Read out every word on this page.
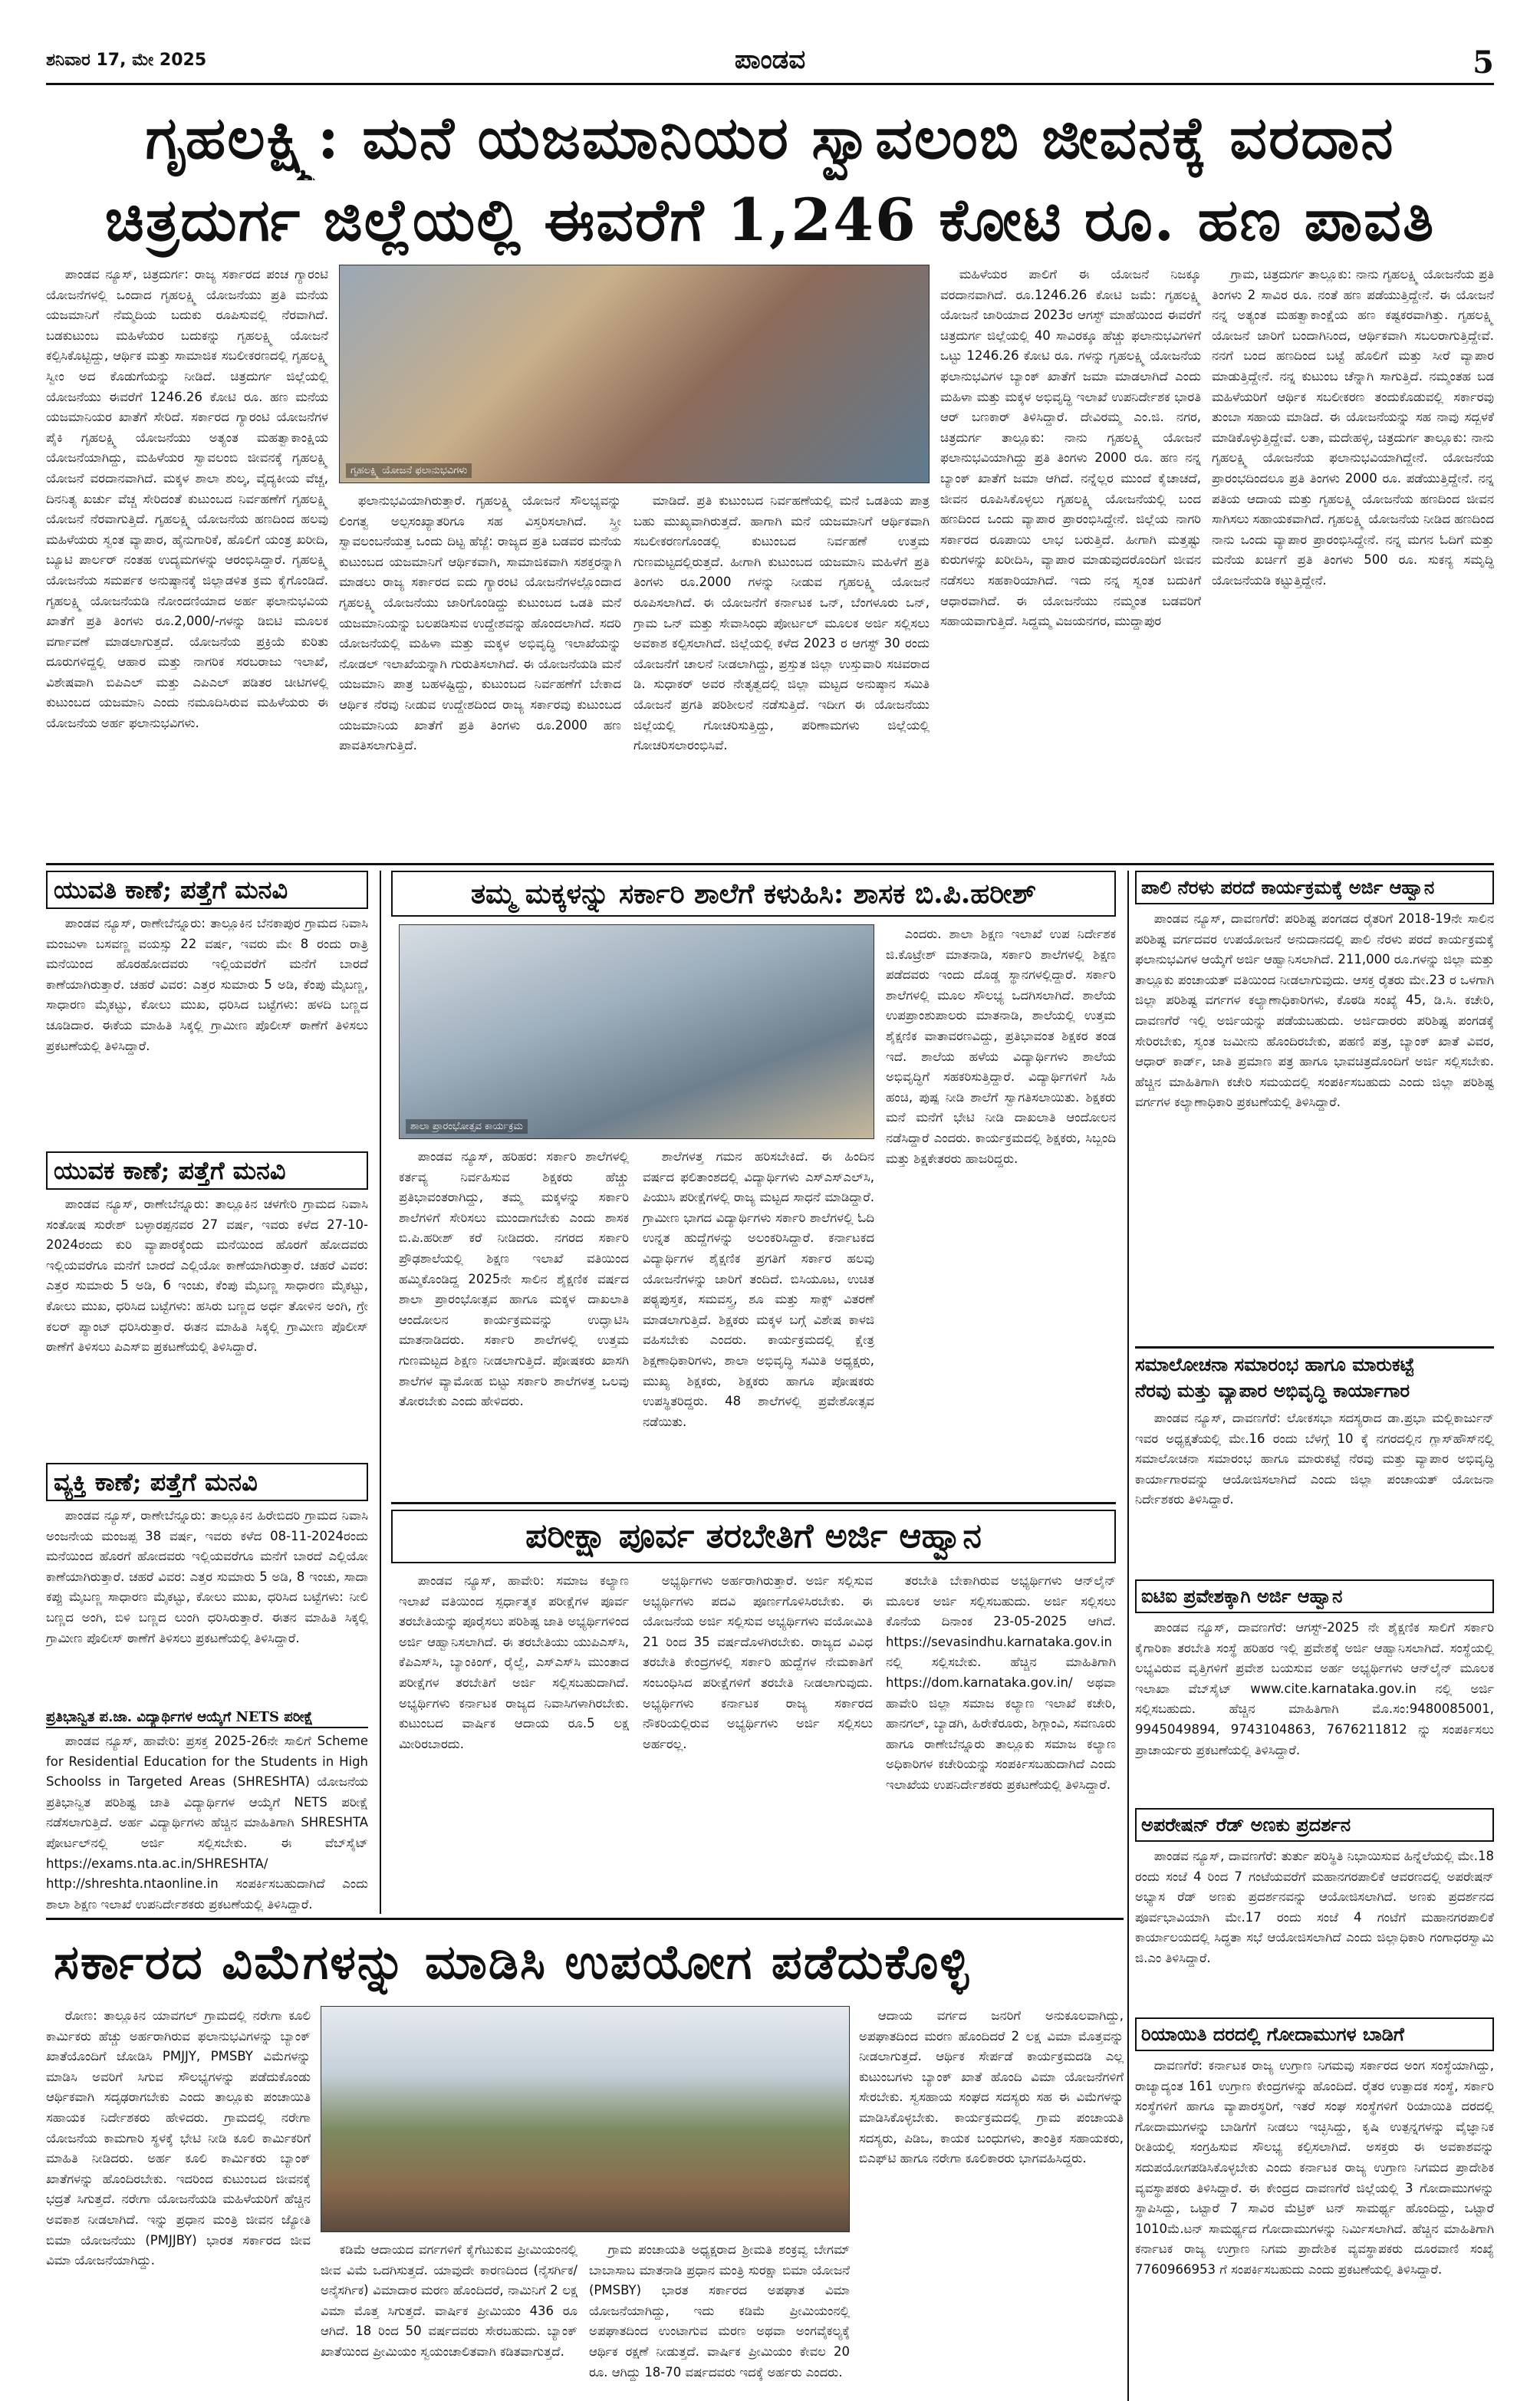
ಶನಿವಾರ 17, ಮೇ 2025	ಪಾಂಡವ	5
ಗೃಹಲಕ್ಷ್ಮಿ: ಮನೆ ಯಜಮಾನಿಯರ ಸ್ವಾವಲಂಬಿ ಜೀವನಕ್ಕೆ ವರದಾನ
ಚಿತ್ರದುರ್ಗ ಜಿಲ್ಲೆಯಲ್ಲಿ ಈವರೆಗೆ 1,246 ಕೋಟಿ ರೂ. ಹಣ ಪಾವತಿ

ಪಾಂಡವ ನ್ಯೂಸ್, ಚಿತ್ರದುರ್ಗ: ರಾಜ್ಯ ಸರ್ಕಾರದ ಪಂಚ ಗ್ಯಾರಂಟಿ ಯೋಜನೆಗಳಲ್ಲಿ ಒಂದಾದ ಗೃಹಲಕ್ಷ್ಮಿ ಯೋಜನೆಯು ಪ್ರತಿ ಮನೆಯ ಯಜಮಾನಿಗೆ ನೆಮ್ಮದಿಯ ಬದುಕು ರೂಪಿಸುವಲ್ಲಿ ನೆರವಾಗಿದೆ. ಬಡಕುಟುಂಬ ಮಹಿಳೆಯರ ಬದುಕನ್ನು ಗೃಹಲಕ್ಷ್ಮಿ ಯೋಜನೆ ಕಲ್ಪಿಸಿಕೊಟ್ಟಿದ್ದು, ಆರ್ಥಿಕ ಮತ್ತು ಸಾಮಾಜಿಕ ಸಬಲೀಕರಣದಲ್ಲಿ ಗೃಹಲಕ್ಷ್ಮಿ ಸ್ವೀಂ ಅದ ಕೊಡುಗೆಯನ್ನು ನೀಡಿದೆ. ಚಿತ್ರದುರ್ಗ ಜಿಲ್ಲೆಯಲ್ಲಿ ಯೋಜನೆಯು ಈವರೆಗೆ 1246.26 ಕೋಟಿ ರೂ. ಹಣ ಮನೆಯ ಯಜಮಾನಿಯರ ಖಾತೆಗೆ ಸೇರಿದೆ. ಸರ್ಕಾರದ ಗ್ಯಾರಂಟಿ ಯೋಜನೆಗಳ ಪೈಕಿ ಗೃಹಲಕ್ಷ್ಮಿ ಯೋಜನೆಯು ಅತ್ಯಂತ ಮಹತ್ವಾಕಾಂಕ್ಷಿಯ ಯೋಜನೆಯಾಗಿದ್ದು, ಮಹಿಳೆಯರ ಸ್ವಾವಲಂಬಿ ಜೀವನಕ್ಕೆ ಗೃಹಲಕ್ಷ್ಮಿ ಯೋಜನೆ ವರದಾನವಾಗಿದೆ. ಮಕ್ಕಳ ಶಾಲಾ ಶುಲ್ಕ, ವೈದ್ಯಕೀಯ ವೆಚ್ಚ, ದಿನನಿತ್ಯ ಖರ್ಚು ವೆಚ್ಚ ಸೇರಿದಂತೆ ಕುಟುಂಬದ ನಿರ್ವಹಣೆಗೆ ಗೃಹಲಕ್ಷ್ಮಿ ಯೋಜನೆ ನೆರವಾಗುತ್ತಿದೆ. ಗೃಹಲಕ್ಷ್ಮಿ ಯೋಜನೆಯ ಹಣದಿಂದ ಹಲವು ಮಹಿಳೆಯರು ಸ್ವಂತ ವ್ಯಾಪಾರ, ಹೈನುಗಾರಿಕೆ, ಹೊಲಿಗೆ ಯಂತ್ರ ಖರೀದಿ, ಬ್ಯೂಟಿ ಪಾರ್ಲರ್ ನಂತಹ ಉದ್ಯಮಗಳನ್ನು ಆರಂಭಿಸಿದ್ದಾರೆ. ಗೃಹಲಕ್ಷ್ಮಿ ಯೋಜನೆಯ ಸಮರ್ಪಕ ಅನುಷ್ಠಾನಕ್ಕೆ ಜಿಲ್ಲಾಡಳಿತ ಕ್ರಮ ಕೈಗೊಂಡಿದೆ. ಗೃಹಲಕ್ಷ್ಮಿ ಯೋಜನೆಯಡಿ ನೋಂದಣಿಯಾದ ಅರ್ಹ ಫಲಾನುಭವಿಯ ಖಾತೆಗೆ ಪ್ರತಿ ತಿಂಗಳು ರೂ.2,000/-ಗಳನ್ನು ಡಿಬಿಟಿ ಮೂಲಕ ವರ್ಗಾವಣೆ ಮಾಡಲಾಗುತ್ತದೆ. ಯೋಜನೆಯ ಪ್ರಕ್ರಿಯೆ ಕುರಿತು ದೂರುಗಳಿದ್ದಲ್ಲಿ ಆಹಾರ ಮತ್ತು ನಾಗರಿಕ ಸರಬರಾಜು ಇಲಾಖೆ, ವಿಶೇಷವಾಗಿ ಬಿಪಿಎಲ್ ಮತ್ತು ಎಪಿಎಲ್ ಪಡಿತರ ಚೀಟಿಗಳಲ್ಲಿ ಕುಟುಂಬದ ಯಜಮಾನಿ ಎಂದು ನಮೂದಿಸಿರುವ ಮಹಿಳೆಯರು ಈ ಯೋಜನೆಯ ಅರ್ಹ ಫಲಾನುಭವಿಗಳು.

ಗೃಹಲಕ್ಷ್ಮಿ ಯೋಜನೆ ಫಲಾನುಭವಿಗಳು

ಫಲಾನುಭವಿಯಾಗಿರುತ್ತಾರೆ. ಗೃಹಲಕ್ಷ್ಮಿ ಯೋಜನೆ ಸೌಲಭ್ಯವನ್ನು ಲಿಂಗತ್ವ ಅಲ್ಪಸಂಖ್ಯಾತರಿಗೂ ಸಹ ವಿಸ್ತರಿಸಲಾಗಿದೆ. ಸ್ತ್ರೀ ಸ್ವಾವಲಂಬನೆಯತ್ತ ಒಂದು ದಿಟ್ಟ ಹೆಜ್ಜೆ: ರಾಜ್ಯದ ಪ್ರತಿ ಬಡವರ ಮನೆಯ ಕುಟುಂಬದ ಯಜಮಾನಿಗೆ ಆರ್ಥಿಕವಾಗಿ, ಸಾಮಾಜಿಕವಾಗಿ ಸಶಕ್ತರನ್ನಾಗಿ ಮಾಡಲು ರಾಜ್ಯ ಸರ್ಕಾರದ ಐದು ಗ್ಯಾರಂಟಿ ಯೋಜನೆಗಳಲ್ಲೊಂದಾದ ಗೃಹಲಕ್ಷ್ಮಿ ಯೋಜನೆಯು ಜಾರಿಗೊಂಡಿದ್ದು ಕುಟುಂಬದ ಒಡತಿ ಮನೆ ಯಜಮಾನಿಯನ್ನು ಬಲಪಡಿಸುವ ಉದ್ದೇಶವನ್ನು ಹೊಂದಲಾಗಿದೆ. ಸದರಿ ಯೋಜನೆಯಲ್ಲಿ ಮಹಿಳಾ ಮತ್ತು ಮಕ್ಕಳ ಅಭಿವೃದ್ಧಿ ಇಲಾಖೆಯನ್ನು ನೋಡಲ್ ಇಲಾಖೆಯನ್ನಾಗಿ ಗುರುತಿಸಲಾಗಿದೆ. ಈ ಯೋಜನೆಯಡಿ ಮನೆ ಯಜಮಾನಿ ಪಾತ್ರ ಬಹಳಷ್ಟಿದ್ದು, ಕುಟುಂಬದ ನಿರ್ವಹಣೆಗೆ ಬೇಕಾದ ಆರ್ಥಿಕ ನೆರವು ನೀಡುವ ಉದ್ದೇಶದಿಂದ ರಾಜ್ಯ ಸರ್ಕಾರವು ಕುಟುಂಬದ ಯಜಮಾನಿಯ ಖಾತೆಗೆ ಪ್ರತಿ ತಿಂಗಳು ರೂ.2000 ಹಣ ಪಾವತಿಸಲಾಗುತ್ತಿದೆ.

ಮಾಡಿದೆ. ಪ್ರತಿ ಕುಟುಂಬದ ನಿರ್ವಹಣೆಯಲ್ಲಿ ಮನೆ ಒಡತಿಯ ಪಾತ್ರ ಬಹು ಮುಖ್ಯವಾಗಿರುತ್ತದೆ. ಹಾಗಾಗಿ ಮನೆ ಯಜಮಾನಿಗೆ ಆರ್ಥಿಕವಾಗಿ ಸಬಲೀಕರಣಗೊಂಡಲ್ಲಿ ಕುಟುಂಬದ ನಿರ್ವಹಣೆ ಉತ್ತಮ ಗುಣಮಟ್ಟದಲ್ಲಿರುತ್ತದೆ. ಹೀಗಾಗಿ ಕುಟುಂಬದ ಯಜಮಾನಿ ಮಹಿಳೆಗೆ ಪ್ರತಿ ತಿಂಗಳು ರೂ.2000 ಗಳನ್ನು ನೀಡುವ ಗೃಹಲಕ್ಷ್ಮಿ ಯೋಜನೆ ರೂಪಿಸಲಾಗಿದೆ. ಈ ಯೋಜನೆಗೆ ಕರ್ನಾಟಕ ಒನ್, ಬೆಂಗಳೂರು ಒನ್, ಗ್ರಾಮ ಒನ್ ಮತ್ತು ಸೇವಾಸಿಂಧು ಪೋರ್ಟಲ್ ಮೂಲಕ ಅರ್ಜಿ ಸಲ್ಲಿಸಲು ಅವಕಾಶ ಕಲ್ಪಿಸಲಾಗಿದೆ. ಜಿಲ್ಲೆಯಲ್ಲಿ ಕಳೆದ 2023 ರ ಆಗಸ್ಟ್ 30 ರಂದು ಯೋಜನೆಗೆ ಚಾಲನೆ ನೀಡಲಾಗಿದ್ದು, ಪ್ರಸ್ತುತ ಜಿಲ್ಲಾ ಉಸ್ತುವಾರಿ ಸಚಿವರಾದ ಡಿ. ಸುಧಾಕರ್ ಅವರ ನೇತೃತ್ವದಲ್ಲಿ ಜಿಲ್ಲಾ ಮಟ್ಟದ ಅನುಷ್ಠಾನ ಸಮಿತಿ ಯೋಜನೆ ಪ್ರಗತಿ ಪರಿಶೀಲನೆ ನಡೆಸುತ್ತಿದೆ. ಇದೀಗ ಈ ಯೋಜನೆಯು ಜಿಲ್ಲೆಯಲ್ಲಿ ಗೋಚರಿಸುತ್ತಿದ್ದು, ಪರಿಣಾಮಗಳು ಜಿಲ್ಲೆಯಲ್ಲಿ ಗೋಚರಿಸಲಾರಂಭಿಸಿವೆ.

ಮಹಿಳೆಯರ ಪಾಲಿಗೆ ಈ ಯೋಜನೆ ನಿಜಕ್ಕೂ ವರದಾನವಾಗಿದೆ. ರೂ.1246.26 ಕೋಟಿ ಜಮೆ: ಗೃಹಲಕ್ಷ್ಮಿ ಯೋಜನೆ ಜಾರಿಯಾದ 2023ರ ಆಗಸ್ಟ್ ಮಾಹೆಯಿಂದ ಈವರೆಗೆ ಚಿತ್ರದುರ್ಗ ಜಿಲ್ಲೆಯಲ್ಲಿ 40 ಸಾವಿರಕ್ಕೂ ಹೆಚ್ಚು ಫಲಾನುಭವಿಗಳಿಗೆ ಒಟ್ಟು 1246.26 ಕೋಟಿ ರೂ. ಗಳನ್ನು ಗೃಹಲಕ್ಷ್ಮಿ ಯೋಜನೆಯ ಫಲಾನುಭವಿಗಳ ಬ್ಯಾಂಕ್ ಖಾತೆಗೆ ಜಮಾ ಮಾಡಲಾಗಿದೆ ಎಂದು ಮಹಿಳಾ ಮತ್ತು ಮಕ್ಕಳ ಅಭಿವೃದ್ಧಿ ಇಲಾಖೆ ಉಪನಿರ್ದೇಶಕ ಭಾರತಿ ಆರ್ ಬಣಕಾರ್ ತಿಳಿಸಿದ್ದಾರೆ. ದೇವಿರಮ್ಮ ಎಂ.ಜಿ. ನಗರ, ಚಿತ್ರದುರ್ಗ ತಾಲ್ಲೂಕು: ನಾನು ಗೃಹಲಕ್ಷ್ಮಿ ಯೋಜನೆ ಫಲಾನುಭವಿಯಾಗಿದ್ದು ಪ್ರತಿ ತಿಂಗಳು 2000 ರೂ. ಹಣ ನನ್ನ ಬ್ಯಾಂಕ್ ಖಾತೆಗೆ ಜಮಾ ಆಗಿದೆ. ನನ್ನೆಲ್ಲರ ಮುಂದೆ ಕೈಚಾಚದೆ, ಜೀವನ ರೂಪಿಸಿಕೊಳ್ಳಲು ಗೃಹಲಕ್ಷ್ಮಿ ಯೋಜನೆಯಲ್ಲಿ ಬಂದ ಹಣದಿಂದ ಒಂದು ವ್ಯಾಪಾರ ಪ್ರಾರಂಭಿಸಿದ್ದೇನೆ. ಜಿಲ್ಲೆಯ ನಾಗರಿ ಸರ್ಕಾರದ ರೂಪಾಯಿ ಲಾಭ ಬರುತ್ತಿದೆ. ಹೀಗಾಗಿ ಮತ್ತಷ್ಟು ಕುರುಗಳನ್ನು ಖರೀದಿಸಿ, ವ್ಯಾಪಾರ ಮಾಡುವುದರೊಂದಿಗೆ ಜೀವನ ನಡೆಸಲು ಸಹಕಾರಿಯಾಗಿದೆ. ಇದು ನನ್ನ ಸ್ವಂತ ಬದುಕಿಗೆ ಆಧಾರವಾಗಿದೆ. ಈ ಯೋಜನೆಯು ನಮ್ಮಂತ ಬಡವರಿಗೆ ಸಹಾಯವಾಗುತ್ತಿದೆ. ಸಿದ್ದಮ್ಮ ವಿಜಯನಗರ, ಮುದ್ದಾಪುರ

ಗ್ರಾಮ, ಚಿತ್ರದುರ್ಗ ತಾಲ್ಲೂಕು: ನಾನು ಗೃಹಲಕ್ಷ್ಮಿ ಯೋಜನೆಯ ಪ್ರತಿ ತಿಂಗಳು 2 ಸಾವಿರ ರೂ. ನಂತೆ ಹಣ ಪಡೆಯುತ್ತಿದ್ದೇನೆ. ಈ ಯೋಜನೆ ನನ್ನ ಅತ್ಯಂತ ಮಹತ್ವಾಕಾಂಕ್ಷೆಯ ಹಣ ಕಷ್ಟಕರವಾಗಿತ್ತು. ಗೃಹಲಕ್ಷ್ಮಿ ಯೋಜನೆ ಜಾರಿಗೆ ಬಂದಾಗಿನಿಂದ, ಆರ್ಥಿಕವಾಗಿ ಸಬಲರಾಗುತ್ತಿದ್ದೇವೆ. ನನಗೆ ಬಂದ ಹಣದಿಂದ ಬಟ್ಟೆ ಹೊಲಿಗೆ ಮತ್ತು ಸೀರೆ ವ್ಯಾಪಾರ ಮಾಡುತ್ತಿದ್ದೇನೆ. ನನ್ನ ಕುಟುಂಬ ಚೆನ್ನಾಗಿ ಸಾಗುತ್ತಿದೆ. ನಮ್ಮಂತಹ ಬಡ ಮಹಿಳೆಯರಿಗೆ ಆರ್ಥಿಕ ಸಬಲೀಕರಣ ತಂದುಕೊಡುವಲ್ಲಿ ಸರ್ಕಾರವು ತುಂಬಾ ಸಹಾಯ ಮಾಡಿದೆ. ಈ ಯೋಜನೆಯನ್ನು ಸಹ ನಾವು ಸದ್ಬಳಕೆ ಮಾಡಿಕೊಳ್ಳುತ್ತಿದ್ದೇವೆ. ಲತಾ, ಮದೇಹಳ್ಳಿ, ಚಿತ್ರದುರ್ಗ ತಾಲ್ಲೂಕು: ನಾನು ಗೃಹಲಕ್ಷ್ಮಿ ಯೋಜನೆಯ ಫಲಾನುಭವಿಯಾಗಿದ್ದೇನೆ. ಯೋಜನೆಯ ಪ್ರಾರಂಭದಿಂದಲೂ ಪ್ರತಿ ತಿಂಗಳು 2000 ರೂ. ಪಡೆಯುತ್ತಿದ್ದೇನೆ. ನನ್ನ ಪತಿಯ ಆದಾಯ ಮತ್ತು ಗೃಹಲಕ್ಷ್ಮಿ ಯೋಜನೆಯ ಹಣದಿಂದ ಜೀವನ ಸಾಗಿಸಲು ಸಹಾಯಕವಾಗಿದೆ. ಗೃಹಲಕ್ಷ್ಮಿ ಯೋಜನೆಯ ನೀಡಿದ ಹಣದಿಂದ ನಾನು ಒಂದು ವ್ಯಾಪಾರ ಪ್ರಾರಂಭಿಸಿದ್ದೇನೆ. ನನ್ನ ಮಗನ ಓದಿಗೆ ಮತ್ತು ಮನೆಯ ಖರ್ಚಿಗೆ ಪ್ರತಿ ತಿಂಗಳು 500 ರೂ. ಸುಕನ್ಯ ಸಮೃದ್ಧಿ ಯೋಜನೆಯಡಿ ಕಟ್ಟುತ್ತಿದ್ದೇನೆ.

ಯುವತಿ ಕಾಣೆ; ಪತ್ತೆಗೆ ಮನವಿ

ಪಾಂಡವ ನ್ಯೂಸ್, ರಾಣೇಬೆನ್ನೂರು: ತಾಲ್ಲೂಕಿನ ಬೆನಕಾಪುರ ಗ್ರಾಮದ ನಿವಾಸಿ ಮಂಜುಳಾ ಬಸವಣ್ಣ ವಯಸ್ಸು 22 ವರ್ಷ, ಇವರು ಮೇ 8 ರಂದು ರಾತ್ರಿ ಮನೆಯಿಂದ ಹೊರಹೋದವರು ಇಲ್ಲಿಯವರೆಗೆ ಮನೆಗೆ ಬಾರದೆ ಕಾಣೆಯಾಗಿರುತ್ತಾರೆ. ಚಹರೆ ವಿವರ: ಎತ್ತರ ಸುಮಾರು 5 ಅಡಿ, ಕೆಂಪು ಮೈಬಣ್ಣ, ಸಾಧಾರಣ ಮೈಕಟ್ಟು, ಕೋಲು ಮುಖ, ಧರಿಸಿದ ಬಟ್ಟೆಗಳು: ಹಳದಿ ಬಣ್ಣದ ಚೂಡಿದಾರ. ಈಕೆಯ ಮಾಹಿತಿ ಸಿಕ್ಕಲ್ಲಿ ಗ್ರಾಮೀಣ ಪೊಲೀಸ್ ಠಾಣೆಗೆ ತಿಳಿಸಲು ಪ್ರಕಟಣೆಯಲ್ಲಿ ತಿಳಿಸಿದ್ದಾರೆ.

ಯುವಕ ಕಾಣೆ; ಪತ್ತೆಗೆ ಮನವಿ

ಪಾಂಡವ ನ್ಯೂಸ್, ರಾಣೇಬೆನ್ನೂರು: ತಾಲ್ಲೂಕಿನ ಚಳಗೇರಿ ಗ್ರಾಮದ ನಿವಾಸಿ ಸಂತೋಷ ಸುರೇಶ್ ಬಳ್ಳಾರಪ್ಪನವರ 27 ವರ್ಷ, ಇವರು ಕಳೆದ 27-10-2024ರಂದು ಕುರಿ ವ್ಯಾಪಾರಕ್ಕೆಂದು ಮನೆಯಿಂದ ಹೊರಗೆ ಹೋದವರು ಇಲ್ಲಿಯವರೆಗೂ ಮನೆಗೆ ಬಾರದೆ ಎಲ್ಲಿಯೋ ಕಾಣೆಯಾಗಿರುತ್ತಾರೆ. ಚಹರೆ ವಿವರ: ಎತ್ತರ ಸುಮಾರು 5 ಅಡಿ, 6 ಇಂಚು, ಕೆಂಪು ಮೈಬಣ್ಣ ಸಾಧಾರಣ ಮೈಕಟ್ಟು, ಕೋಲು ಮುಖ, ಧರಿಸಿದ ಬಟ್ಟೆಗಳು: ಹಸಿರು ಬಣ್ಣದ ಅರ್ಧ ತೋಳಿನ ಅಂಗಿ, ಗ್ರೇ ಕಲರ್ ಪ್ಯಾಂಟ್ ಧರಿಸಿರುತ್ತಾರೆ. ಈತನ ಮಾಹಿತಿ ಸಿಕ್ಕಲ್ಲಿ ಗ್ರಾಮೀಣ ಪೊಲೀಸ್ ಠಾಣೆಗೆ ತಿಳಿಸಲು ಪಿಎಸ್‌ಐ ಪ್ರಕಟಣೆಯಲ್ಲಿ ತಿಳಿಸಿದ್ದಾರೆ.

ವ್ಯಕ್ತಿ ಕಾಣೆ; ಪತ್ತೆಗೆ ಮನವಿ

ಪಾಂಡವ ನ್ಯೂಸ್, ರಾಣೇಬೆನ್ನೂರು: ತಾಲ್ಲೂಕಿನ ಹಿರೇಬಿದರಿ ಗ್ರಾಮದ ನಿವಾಸಿ ಅಂಜನೇಯ ಮಂಜಪ್ಪ 38 ವರ್ಷ, ಇವರು ಕಳೆದ 08-11-2024ರಂದು ಮನೆಯಿಂದ ಹೊರಗೆ ಹೋದವರು ಇಲ್ಲಿಯವರೆಗೂ ಮನೆಗೆ ಬಾರದೆ ಎಲ್ಲಿಯೋ ಕಾಣೆಯಾಗಿರುತ್ತಾರೆ. ಚಹರೆ ವಿವರ: ಎತ್ತರ ಸುಮಾರು 5 ಅಡಿ, 8 ಇಂಚು, ಸಾದಾ ಕಪ್ಪು ಮೈಬಣ್ಣ ಸಾಧಾರಣ ಮೈಕಟ್ಟು, ಕೋಲು ಮುಖ, ಧರಿಸಿದ ಬಟ್ಟೆಗಳು: ನೀಲಿ ಬಣ್ಣದ ಅಂಗಿ, ಬಿಳಿ ಬಣ್ಣದ ಲುಂಗಿ ಧರಿಸಿರುತ್ತಾರೆ. ಈತನ ಮಾಹಿತಿ ಸಿಕ್ಕಲ್ಲಿ ಗ್ರಾಮೀಣ ಪೊಲೀಸ್ ಠಾಣೆಗೆ ತಿಳಿಸಲು ಪ್ರಕಟಣೆಯಲ್ಲಿ ತಿಳಿಸಿದ್ದಾರೆ.

ಪ್ರತಿಭಾನ್ವಿತ ಪ.ಜಾ. ವಿದ್ಯಾರ್ಥಿಗಳ ಆಯ್ಕೆಗೆ NETS ಪರೀಕ್ಷೆ

ಪಾಂಡವ ನ್ಯೂಸ್, ಹಾವೇರಿ: ಪ್ರಸಕ್ತ 2025-26ನೇ ಸಾಲಿಗೆ Scheme for Residential Education for the Students in High Schoolss in Targeted Areas (SHRESHTA) ಯೋಜನೆಯ ಪ್ರತಿಭಾನ್ವಿತ ಪರಿಶಿಷ್ಟ ಜಾತಿ ವಿದ್ಯಾರ್ಥಿಗಳ ಆಯ್ಕೆಗೆ NETS ಪರೀಕ್ಷೆ ನಡೆಸಲಾಗುತ್ತಿದೆ. ಅರ್ಹ ವಿದ್ಯಾರ್ಥಿಗಳು ಹೆಚ್ಚಿನ ಮಾಹಿತಿಗಾಗಿ SHRESHTA ಪೋರ್ಟಲ್‌ನಲ್ಲಿ ಅರ್ಜಿ ಸಲ್ಲಿಸಬೇಕು. ಈ ವೆಬ್‌ಸೈಟ್ https://exams.nta.ac.in/SHRESHTA/ http://shreshta.ntaonline.in ಸಂಪರ್ಕಿಸಬಹುದಾಗಿದೆ ಎಂದು ಶಾಲಾ ಶಿಕ್ಷಣ ಇಲಾಖೆ ಉಪನಿರ್ದೇಶಕರು ಪ್ರಕಟಣೆಯಲ್ಲಿ ತಿಳಿಸಿದ್ದಾರೆ.

ತಮ್ಮ ಮಕ್ಕಳನ್ನು ಸರ್ಕಾರಿ ಶಾಲೆಗೆ ಕಳುಹಿಸಿ: ಶಾಸಕ ಬಿ.ಪಿ.ಹರೀಶ್
ಶಾಲಾ ಪ್ರಾರಂಭೋತ್ಸವ ಕಾರ್ಯಕ್ರಮ

ಎಂದರು. ಶಾಲಾ ಶಿಕ್ಷಣ ಇಲಾಖೆ ಉಪ ನಿರ್ದೇಶಕ ಜಿ.ಕೊಟ್ರೇಶ್ ಮಾತನಾಡಿ, ಸರ್ಕಾರಿ ಶಾಲೆಗಳಲ್ಲಿ ಶಿಕ್ಷಣ ಪಡೆದವರು ಇಂದು ದೊಡ್ಡ ಸ್ಥಾನಗಳಲ್ಲಿದ್ದಾರೆ. ಸರ್ಕಾರಿ ಶಾಲೆಗಳಲ್ಲಿ ಮೂಲ ಸೌಲಭ್ಯ ಒದಗಿಸಲಾಗಿದೆ. ಶಾಲೆಯ ಉಪಪ್ರಾಂಶುಪಾಲರು ಮಾತನಾಡಿ, ಶಾಲೆಯಲ್ಲಿ ಉತ್ತಮ ಶೈಕ್ಷಣಿಕ ವಾತಾವರಣವಿದ್ದು, ಪ್ರತಿಭಾವಂತ ಶಿಕ್ಷಕರ ತಂಡ ಇದೆ. ಶಾಲೆಯ ಹಳೆಯ ವಿದ್ಯಾರ್ಥಿಗಳು ಶಾಲೆಯ ಅಭಿವೃದ್ಧಿಗೆ ಸಹಕರಿಸುತ್ತಿದ್ದಾರೆ. ವಿದ್ಯಾರ್ಥಿಗಳಿಗೆ ಸಿಹಿ ಹಂಚಿ, ಪುಷ್ಪ ನೀಡಿ ಶಾಲೆಗೆ ಸ್ವಾಗತಿಸಲಾಯಿತು. ಶಿಕ್ಷಕರು ಮನೆ ಮನೆಗೆ ಭೇಟಿ ನೀಡಿ ದಾಖಲಾತಿ ಆಂದೋಲನ ನಡೆಸಿದ್ದಾರೆ ಎಂದರು. ಕಾರ್ಯಕ್ರಮದಲ್ಲಿ ಶಿಕ್ಷಕರು, ಸಿಬ್ಬಂದಿ ಮತ್ತು ಶಿಕ್ಷಕೇತರರು ಹಾಜರಿದ್ದರು.

ಪಾಂಡವ ನ್ಯೂಸ್, ಹರಿಹರ: ಸರ್ಕಾರಿ ಶಾಲೆಗಳಲ್ಲಿ ಕರ್ತವ್ಯ ನಿರ್ವಹಿಸುವ ಶಿಕ್ಷಕರು ಹೆಚ್ಚು ಪ್ರತಿಭಾವಂತರಾಗಿದ್ದು, ತಮ್ಮ ಮಕ್ಕಳನ್ನು ಸರ್ಕಾರಿ ಶಾಲೆಗಳಿಗೆ ಸೇರಿಸಲು ಮುಂದಾಗಬೇಕು ಎಂದು ಶಾಸಕ ಬಿ.ಪಿ.ಹರೀಶ್ ಕರೆ ನೀಡಿದರು. ನಗರದ ಸರ್ಕಾರಿ ಪ್ರೌಢಶಾಲೆಯಲ್ಲಿ ಶಿಕ್ಷಣ ಇಲಾಖೆ ವತಿಯಿಂದ ಹಮ್ಮಿಕೊಂಡಿದ್ದ 2025ನೇ ಸಾಲಿನ ಶೈಕ್ಷಣಿಕ ವರ್ಷದ ಶಾಲಾ ಪ್ರಾರಂಭೋತ್ಸವ ಹಾಗೂ ಮಕ್ಕಳ ದಾಖಲಾತಿ ಆಂದೋಲನ ಕಾರ್ಯಕ್ರಮವನ್ನು ಉದ್ಘಾಟಿಸಿ ಮಾತನಾಡಿದರು. ಸರ್ಕಾರಿ ಶಾಲೆಗಳಲ್ಲಿ ಉತ್ತಮ ಗುಣಮಟ್ಟದ ಶಿಕ್ಷಣ ನೀಡಲಾಗುತ್ತಿದೆ. ಪೋಷಕರು ಖಾಸಗಿ ಶಾಲೆಗಳ ವ್ಯಾಮೋಹ ಬಿಟ್ಟು ಸರ್ಕಾರಿ ಶಾಲೆಗಳತ್ತ ಒಲವು ತೋರಬೇಕು ಎಂದು ಹೇಳಿದರು.

ಶಾಲೆಗಳತ್ತ ಗಮನ ಹರಿಸಬೇಕಿದೆ. ಈ ಹಿಂದಿನ ವರ್ಷದ ಫಲಿತಾಂಶದಲ್ಲಿ ವಿದ್ಯಾರ್ಥಿಗಳು ಎಸ್‌ಎಸ್‌ಎಲ್‌ಸಿ, ಪಿಯುಸಿ ಪರೀಕ್ಷೆಗಳಲ್ಲಿ ರಾಜ್ಯ ಮಟ್ಟದ ಸಾಧನೆ ಮಾಡಿದ್ದಾರೆ. ಗ್ರಾಮೀಣ ಭಾಗದ ವಿದ್ಯಾರ್ಥಿಗಳು ಸರ್ಕಾರಿ ಶಾಲೆಗಳಲ್ಲಿ ಓದಿ ಉನ್ನತ ಹುದ್ದೆಗಳನ್ನು ಅಲಂಕರಿಸಿದ್ದಾರೆ. ಕರ್ನಾಟಕದ ವಿದ್ಯಾರ್ಥಿಗಳ ಶೈಕ್ಷಣಿಕ ಪ್ರಗತಿಗೆ ಸರ್ಕಾರ ಹಲವು ಯೋಜನೆಗಳನ್ನು ಜಾರಿಗೆ ತಂದಿದೆ. ಬಿಸಿಯೂಟ, ಉಚಿತ ಪಠ್ಯಪುಸ್ತಕ, ಸಮವಸ್ತ್ರ, ಶೂ ಮತ್ತು ಸಾಕ್ಸ್ ವಿತರಣೆ ಮಾಡಲಾಗುತ್ತಿದೆ. ಶಿಕ್ಷಕರು ಮಕ್ಕಳ ಬಗ್ಗೆ ವಿಶೇಷ ಕಾಳಜಿ ವಹಿಸಬೇಕು ಎಂದರು. ಕಾರ್ಯಕ್ರಮದಲ್ಲಿ ಕ್ಷೇತ್ರ ಶಿಕ್ಷಣಾಧಿಕಾರಿಗಳು, ಶಾಲಾ ಅಭಿವೃದ್ಧಿ ಸಮಿತಿ ಅಧ್ಯಕ್ಷರು, ಮುಖ್ಯ ಶಿಕ್ಷಕರು, ಶಿಕ್ಷಕರು ಹಾಗೂ ಪೋಷಕರು ಉಪಸ್ಥಿತರಿದ್ದರು. 48 ಶಾಲೆಗಳಲ್ಲಿ ಪ್ರವೇಶೋತ್ಸವ ನಡೆಯಿತು.

ಪರೀಕ್ಷಾ ಪೂರ್ವ ತರಬೇತಿಗೆ ಅರ್ಜಿ ಆಹ್ವಾನ

ಪಾಂಡವ ನ್ಯೂಸ್, ಹಾವೇರಿ: ಸಮಾಜ ಕಲ್ಯಾಣ ಇಲಾಖೆ ವತಿಯಿಂದ ಸ್ಪರ್ಧಾತ್ಮಕ ಪರೀಕ್ಷೆಗಳ ಪೂರ್ವ ತರಬೇತಿಯನ್ನು ಪೂರೈಸಲು ಪರಿಶಿಷ್ಟ ಜಾತಿ ಅಭ್ಯರ್ಥಿಗಳಿಂದ ಅರ್ಜಿ ಆಹ್ವಾನಿಸಲಾಗಿದೆ. ಈ ತರಬೇತಿಯು ಯುಪಿಎಸ್‌ಸಿ, ಕೆಪಿಎಸ್‌ಸಿ, ಬ್ಯಾಂಕಿಂಗ್, ರೈಲ್ವೆ, ಎಸ್‌ಎಸ್‌ಸಿ ಮುಂತಾದ ಪರೀಕ್ಷೆಗಳ ತರಬೇತಿಗೆ ಅರ್ಜಿ ಸಲ್ಲಿಸಬಹುದಾಗಿದೆ. ಅಭ್ಯರ್ಥಿಗಳು ಕರ್ನಾಟಕ ರಾಜ್ಯದ ನಿವಾಸಿಗಳಾಗಿರಬೇಕು. ಕುಟುಂಬದ ವಾರ್ಷಿಕ ಆದಾಯ ರೂ.5 ಲಕ್ಷ ಮೀರಿರಬಾರದು.

ಅಭ್ಯರ್ಥಿಗಳು ಅರ್ಹರಾಗಿರುತ್ತಾರೆ. ಅರ್ಜಿ ಸಲ್ಲಿಸುವ ಅಭ್ಯರ್ಥಿಗಳು ಪದವಿ ಪೂರ್ಣಗೊಳಿಸಿರಬೇಕು. ಈ ಯೋಜನೆಯ ಅರ್ಜಿ ಸಲ್ಲಿಸುವ ಅಭ್ಯರ್ಥಿಗಳು ವಯೋಮಿತಿ 21 ರಿಂದ 35 ವರ್ಷದೊಳಗಿರಬೇಕು. ರಾಜ್ಯದ ವಿವಿಧ ತರಬೇತಿ ಕೇಂದ್ರಗಳಲ್ಲಿ ಸರ್ಕಾರಿ ಹುದ್ದೆಗಳ ನೇಮಕಾತಿಗೆ ಸಂಬಂಧಿಸಿದ ಪರೀಕ್ಷೆಗಳಿಗೆ ತರಬೇತಿ ನೀಡಲಾಗುವುದು. ಅಭ್ಯರ್ಥಿಗಳು ಕರ್ನಾಟಕ ರಾಜ್ಯ ಸರ್ಕಾರದ ನೌಕರಿಯಲ್ಲಿರುವ ಅಭ್ಯರ್ಥಿಗಳು ಅರ್ಜಿ ಸಲ್ಲಿಸಲು ಅರ್ಹರಲ್ಲ.

ತರಬೇತಿ ಬೇಕಾಗಿರುವ ಅಭ್ಯರ್ಥಿಗಳು ಆನ್‌ಲೈನ್ ಮೂಲಕ ಅರ್ಜಿ ಸಲ್ಲಿಸಬಹುದು. ಅರ್ಜಿ ಸಲ್ಲಿಸಲು ಕೊನೆಯ ದಿನಾಂಕ 23-05-2025 ಆಗಿದೆ. https://sevasindhu.karnataka.gov.in ನಲ್ಲಿ ಸಲ್ಲಿಸಬೇಕು. ಹೆಚ್ಚಿನ ಮಾಹಿತಿಗಾಗಿ https://dom.karnataka.gov.in/ ಅಥವಾ ಹಾವೇರಿ ಜಿಲ್ಲಾ ಸಮಾಜ ಕಲ್ಯಾಣ ಇಲಾಖೆ ಕಚೇರಿ, ಹಾನಗಲ್, ಬ್ಯಾಡಗಿ, ಹಿರೇಕೆರೂರು, ಶಿಗ್ಗಾಂವಿ, ಸವಣೂರು ಹಾಗೂ ರಾಣೇಬೆನ್ನೂರು ತಾಲ್ಲೂಕು ಸಮಾಜ ಕಲ್ಯಾಣ ಅಧಿಕಾರಿಗಳ ಕಚೇರಿಯನ್ನು ಸಂಪರ್ಕಿಸಬಹುದಾಗಿದೆ ಎಂದು ಇಲಾಖೆಯ ಉಪನಿರ್ದೇಶಕರು ಪ್ರಕಟಣೆಯಲ್ಲಿ ತಿಳಿಸಿದ್ದಾರೆ.

ಪಾಲಿ ನೆರಳು ಪರದೆ ಕಾರ್ಯಕ್ರಮಕ್ಕೆ ಅರ್ಜಿ ಆಹ್ವಾನ

ಪಾಂಡವ ನ್ಯೂಸ್, ದಾವಣಗೆರೆ: ಪರಿಶಿಷ್ಟ ಪಂಗಡದ ರೈತರಿಗೆ 2018-19ನೇ ಸಾಲಿನ ಪರಿಶಿಷ್ಟ ವರ್ಗದವರ ಉಪಯೋಜನೆ ಅನುದಾನದಲ್ಲಿ ಪಾಲಿ ನೆರಳು ಪರದೆ ಕಾರ್ಯಕ್ರಮಕ್ಕೆ ಫಲಾನುಭವಿಗಳ ಆಯ್ಕೆಗೆ ಅರ್ಜಿ ಆಹ್ವಾನಿಸಲಾಗಿದೆ. 211,000 ರೂ.ಗಳನ್ನು ಜಿಲ್ಲಾ ಮತ್ತು ತಾಲ್ಲೂಕು ಪಂಚಾಯತ್ ವತಿಯಿಂದ ನೀಡಲಾಗುವುದು. ಆಸಕ್ತ ರೈತರು ಮೇ.23 ರ ಒಳಗಾಗಿ ಜಿಲ್ಲಾ ಪರಿಶಿಷ್ಟ ವರ್ಗಗಳ ಕಲ್ಯಾಣಾಧಿಕಾರಿಗಳು, ಕೊಠಡಿ ಸಂಖ್ಯೆ 45, ಡಿ.ಸಿ. ಕಚೇರಿ, ದಾವಣಗೆರೆ ಇಲ್ಲಿ ಅರ್ಜಿಯನ್ನು ಪಡೆಯಬಹುದು. ಅರ್ಜಿದಾರರು ಪರಿಶಿಷ್ಟ ಪಂಗಡಕ್ಕೆ ಸೇರಿರಬೇಕು, ಸ್ವಂತ ಜಮೀನು ಹೊಂದಿರಬೇಕು, ಪಹಣಿ ಪತ್ರ, ಬ್ಯಾಂಕ್ ಖಾತೆ ವಿವರ, ಆಧಾರ್ ಕಾರ್ಡ್, ಜಾತಿ ಪ್ರಮಾಣ ಪತ್ರ ಹಾಗೂ ಭಾವಚಿತ್ರದೊಂದಿಗೆ ಅರ್ಜಿ ಸಲ್ಲಿಸಬೇಕು. ಹೆಚ್ಚಿನ ಮಾಹಿತಿಗಾಗಿ ಕಚೇರಿ ಸಮಯದಲ್ಲಿ ಸಂಪರ್ಕಿಸಬಹುದು ಎಂದು ಜಿಲ್ಲಾ ಪರಿಶಿಷ್ಟ ವರ್ಗಗಳ ಕಲ್ಯಾಣಾಧಿಕಾರಿ ಪ್ರಕಟಣೆಯಲ್ಲಿ ತಿಳಿಸಿದ್ದಾರೆ.

ಸಮಾಲೋಚನಾ ಸಮಾರಂಭ ಹಾಗೂ ಮಾರುಕಟ್ಟೆ
ನೆರವು ಮತ್ತು ವ್ಯಾಪಾರ ಅಭಿವೃದ್ಧಿ ಕಾರ್ಯಾಗಾರ

ಪಾಂಡವ ನ್ಯೂಸ್, ದಾವಣಗೆರೆ: ಲೋಕಸಭಾ ಸದಸ್ಯರಾದ ಡಾ.ಪ್ರಭಾ ಮಲ್ಲಿಕಾರ್ಜುನ್ ಇವರ ಅಧ್ಯಕ್ಷತೆಯಲ್ಲಿ ಮೇ.16 ರಂದು ಬೆಳಗ್ಗೆ 10 ಕ್ಕೆ ನಗರದಲ್ಲಿನ ಗ್ಲಾಸ್‌ಹೌಸ್‌ನಲ್ಲಿ ಸಮಾಲೋಚನಾ ಸಮಾರಂಭ ಹಾಗೂ ಮಾರುಕಟ್ಟೆ ನೆರವು ಮತ್ತು ವ್ಯಾಪಾರ ಅಭಿವೃದ್ಧಿ ಕಾರ್ಯಾಗಾರವನ್ನು ಆಯೋಜಿಸಲಾಗಿದೆ ಎಂದು ಜಿಲ್ಲಾ ಪಂಚಾಯತ್ ಯೋಜನಾ ನಿರ್ದೇಶಕರು ತಿಳಿಸಿದ್ದಾರೆ.

ಐಟಿಐ ಪ್ರವೇಶಕ್ಕಾಗಿ ಅರ್ಜಿ ಆಹ್ವಾನ

ಪಾಂಡವ ನ್ಯೂಸ್, ದಾವಣಗೆರೆ: ಆಗಸ್ಟ್-2025 ನೇ ಶೈಕ್ಷಣಿಕ ಸಾಲಿಗೆ ಸರ್ಕಾರಿ ಕೈಗಾರಿಕಾ ತರಬೇತಿ ಸಂಸ್ಥೆ ಹರಿಹರ ಇಲ್ಲಿ ಪ್ರವೇಶಕ್ಕೆ ಅರ್ಜಿ ಆಹ್ವಾನಿಸಲಾಗಿದೆ. ಸಂಸ್ಥೆಯಲ್ಲಿ ಲಭ್ಯವಿರುವ ವೃತ್ತಿಗಳಿಗೆ ಪ್ರವೇಶ ಬಯಸುವ ಅರ್ಹ ಅಭ್ಯರ್ಥಿಗಳು ಆನ್‌ಲೈನ್ ಮೂಲಕ ಇಲಾಖಾ ವೆಬ್‌ಸೈಟ್ www.cite.karnataka.gov.in ನಲ್ಲಿ ಅರ್ಜಿ ಸಲ್ಲಿಸಬಹುದು. ಹೆಚ್ಚಿನ ಮಾಹಿತಿಗಾಗಿ ಮೊ.ಸಂ:9480085001, 9945049894, 9743104863, 7676211812 ನ್ನು ಸಂಪರ್ಕಿಸಲು ಪ್ರಾಚಾರ್ಯರು ಪ್ರಕಟಣೆಯಲ್ಲಿ ತಿಳಿಸಿದ್ದಾರೆ.

ಅಪರೇಷನ್ ರೆಡ್ ಅಣಕು ಪ್ರದರ್ಶನ

ಪಾಂಡವ ನ್ಯೂಸ್, ದಾವಣಗೆರೆ: ತುರ್ತು ಪರಿಸ್ಥಿತಿ ನಿಭಾಯಿಸುವ ಹಿನ್ನೆಲೆಯಲ್ಲಿ ಮೇ.18 ರಂದು ಸಂಜೆ 4 ರಿಂದ 7 ಗಂಟೆಯವರೆಗೆ ಮಹಾನಗರಪಾಲಿಕೆ ಆವರಣದಲ್ಲಿ ಅಪರೇಷನ್ ಅಭ್ಯಾಸ ರೆಡ್ ಅಣಕು ಪ್ರದರ್ಶನವನ್ನು ಆಯೋಜಿಸಲಾಗಿದೆ. ಅಣಕು ಪ್ರದರ್ಶನದ ಪೂರ್ವಭಾವಿಯಾಗಿ ಮೇ.17 ರಂದು ಸಂಜೆ 4 ಗಂಟೆಗೆ ಮಹಾನಗರಪಾಲಿಕೆ ಕಾರ್ಯಾಲಯದಲ್ಲಿ ಸಿದ್ಧತಾ ಸಭೆ ಆಯೋಜಿಸಲಾಗಿದೆ ಎಂದು ಜಿಲ್ಲಾಧಿಕಾರಿ ಗಂಗಾಧರಸ್ವಾಮಿ ಜಿ.ಎಂ ತಿಳಿಸಿದ್ದಾರೆ.

ರಿಯಾಯಿತಿ ದರದಲ್ಲಿ ಗೋದಾಮುಗಳ ಬಾಡಿಗೆ

ದಾವಣಗೆರೆ: ಕರ್ನಾಟಕ ರಾಜ್ಯ ಉಗ್ರಾಣ ನಿಗಮವು ಸರ್ಕಾರದ ಅಂಗ ಸಂಸ್ಥೆಯಾಗಿದ್ದು, ರಾಜ್ಯಾದ್ಯಂತ 161 ಉಗ್ರಾಣ ಕೇಂದ್ರಗಳನ್ನು ಹೊಂದಿದೆ. ರೈತರ ಉತ್ಪಾದಕ ಸಂಸ್ಥೆ, ಸರ್ಕಾರಿ ಸಂಸ್ಥೆಗಳಿಗೆ ಹಾಗೂ ವ್ಯಾಪಾರಸ್ಥರಿಗೆ, ಇತರೆ ಸಂಘ ಸಂಸ್ಥೆಗಳಿಗೆ ರಿಯಾಯಿತಿ ದರದಲ್ಲಿ ಗೋದಾಮುಗಳನ್ನು ಬಾಡಿಗೆಗೆ ನೀಡಲು ಇಚ್ಛಿಸಿದ್ದು, ಕೃಷಿ ಉತ್ಪನ್ನಗಳನ್ನು ವೈಜ್ಞಾನಿಕ ರೀತಿಯಲ್ಲಿ ಸಂಗ್ರಹಿಸುವ ಸೌಲಭ್ಯ ಕಲ್ಪಿಸಲಾಗಿದೆ. ಅಸಕ್ತರು ಈ ಅವಕಾಶವನ್ನು ಸದುಪಯೋಗಪಡಿಸಿಕೊಳ್ಳಬೇಕು ಎಂದು ಕರ್ನಾಟಕ ರಾಜ್ಯ ಉಗ್ರಾಣ ನಿಗಮದ ಪ್ರಾದೇಶಿಕ ವ್ಯವಸ್ಥಾಪಕರು ತಿಳಿಸಿದ್ದಾರೆ. ಈ ಕೇಂದ್ರದ ದಾವಣಗೆರೆ ಜಿಲ್ಲೆಯಲ್ಲಿ 3 ಗೋದಾಮುಗಳನ್ನು ಸ್ಥಾಪಿಸಿದ್ದು, ಒಟ್ಟಾರೆ 7 ಸಾವಿರ ಮೆಟ್ರಿಕ್ ಟನ್ ಸಾಮರ್ಥ್ಯ ಹೊಂದಿದ್ದು, ಒಟ್ಟಾರೆ 1010ಮೆ.ಟನ್ ಸಾಮರ್ಥ್ಯದ ಗೋದಾಮುಗಳನ್ನು ನಿರ್ಮಿಸಲಾಗಿದೆ. ಹೆಚ್ಚಿನ ಮಾಹಿತಿಗಾಗಿ ಕರ್ನಾಟಕ ರಾಜ್ಯ ಉಗ್ರಾಣ ನಿಗಮ ಪ್ರಾದೇಶಿಕ ವ್ಯವಸ್ಥಾಪಕರು ದೂರವಾಣಿ ಸಂಖ್ಯೆ 7760966953 ಗೆ ಸಂಪರ್ಕಿಸಬಹುದು ಎಂದು ಪ್ರಕಟಣೆಯಲ್ಲಿ ತಿಳಿಸಿದ್ದಾರೆ.

ಸರ್ಕಾರದ ವಿಮೆಗಳನ್ನು ಮಾಡಿಸಿ ಉಪಯೋಗ ಪಡೆದುಕೊಳ್ಳಿ

ರೋಣ: ತಾಲ್ಲೂಕಿನ ಯಾವಗಲ್ ಗ್ರಾಮದಲ್ಲಿ ನರೇಗಾ ಕೂಲಿ ಕಾರ್ಮಿಕರು ಹೆಚ್ಚು ಅರ್ಹರಾಗಿರುವ ಫಲಾನುಭವಿಗಳನ್ನು ಬ್ಯಾಂಕ್ ಖಾತೆಯೊಂದಿಗೆ ಜೋಡಿಸಿ PMJJY, PMSBY ವಿಮೆಗಳನ್ನು ಮಾಡಿಸಿ ಅವರಿಗೆ ಸಿಗುವ ಸೌಲಭ್ಯಗಳನ್ನು ಪಡೆದುಕೊಂಡು ಆರ್ಥಿಕವಾಗಿ ಸದೃಢರಾಗಬೇಕು ಎಂದು ತಾಲ್ಲೂಕು ಪಂಚಾಯಿತಿ ಸಹಾಯಕ ನಿರ್ದೇಶಕರು ಹೇಳಿದರು. ಗ್ರಾಮದಲ್ಲಿ ನರೇಗಾ ಯೋಜನೆಯ ಕಾಮಗಾರಿ ಸ್ಥಳಕ್ಕೆ ಭೇಟಿ ನೀಡಿ ಕೂಲಿ ಕಾರ್ಮಿಕರಿಗೆ ಮಾಹಿತಿ ನೀಡಿದರು. ಅರ್ಹ ಕೂಲಿ ಕಾರ್ಮಿಕರು ಬ್ಯಾಂಕ್ ಖಾತೆಗಳನ್ನು ಹೊಂದಿರಬೇಕು. ಇದರಿಂದ ಕುಟುಂಬದ ಜೀವನಕ್ಕೆ ಭದ್ರತೆ ಸಿಗುತ್ತದೆ. ನರೇಗಾ ಯೋಜನೆಯಡಿ ಮಹಿಳೆಯರಿಗೆ ಹೆಚ್ಚಿನ ಅವಕಾಶ ನೀಡಲಾಗಿದೆ. ಇನ್ನು ಪ್ರಧಾನ ಮಂತ್ರಿ ಜೀವನ ಜ್ಯೋತಿ ಬಿಮಾ ಯೋಜನೆಯು (PMJJBY) ಭಾರತ ಸರ್ಕಾರದ ಜೀವ ವಿಮಾ ಯೋಜನೆಯಾಗಿದ್ದು.

ಕಡಿಮೆ ಆದಾಯದ ವರ್ಗಗಳಿಗೆ ಕೈಗೆಟುಕುವ ಪ್ರೀಮಿಯಂನಲ್ಲಿ ಜೀವ ವಿಮೆ ಒದಗಿಸುತ್ತದೆ. ಯಾವುದೇ ಕಾರಣದಿಂದ (ನೈಸರ್ಗಿಕ/ಅನೈಸರ್ಗಿಕ) ವಿಮಾದಾರ ಮರಣ ಹೊಂದಿದರೆ, ನಾಮಿನಿಗೆ 2 ಲಕ್ಷ ವಿಮಾ ಮೊತ್ತ ಸಿಗುತ್ತದೆ. ವಾರ್ಷಿಕ ಪ್ರೀಮಿಯಂ 436 ರೂ ಆಗಿದೆ. 18 ರಿಂದ 50 ವರ್ಷದವರು ಸೇರಬಹುದು. ಬ್ಯಾಂಕ್ ಖಾತೆಯಿಂದ ಪ್ರೀಮಿಯಂ ಸ್ವಯಂಚಾಲಿತವಾಗಿ ಕಡಿತವಾಗುತ್ತದೆ.

ಗ್ರಾಮ ಪಂಚಾಯತಿ ಅಧ್ಯಕ್ಷರಾದ ಶ್ರೀಮತಿ ಶಂಕ್ರವ್ವ ಬೇಗಮ್ ಬಾಬಾಸಾಬ ಮಾತನಾಡಿ ಪ್ರಧಾನ ಮಂತ್ರಿ ಸುರಕ್ಷಾ ಬಿಮಾ ಯೋಜನೆ (PMSBY) ಭಾರತ ಸರ್ಕಾರದ ಅಪಘಾತ ವಿಮಾ ಯೋಜನೆಯಾಗಿದ್ದು, ಇದು ಕಡಿಮೆ ಪ್ರೀಮಿಯಂನಲ್ಲಿ ಅಪಘಾತದಿಂದ ಉಂಟಾಗುವ ಮರಣ ಅಥವಾ ಅಂಗವೈಕಲ್ಯಕ್ಕೆ ಆರ್ಥಿಕ ರಕ್ಷಣೆ ನೀಡುತ್ತದೆ. ವಾರ್ಷಿಕ ಪ್ರೀಮಿಯಂ ಕೇವಲ 20 ರೂ. ಆಗಿದ್ದು 18-70 ವರ್ಷದವರು ಇದಕ್ಕೆ ಅರ್ಹರು ಎಂದರು.

ಆದಾಯ ವರ್ಗದ ಜನರಿಗೆ ಅನುಕೂಲವಾಗಿದ್ದು, ಅಪಘಾತದಿಂದ ಮರಣ ಹೊಂದಿದರೆ 2 ಲಕ್ಷ ವಿಮಾ ಮೊತ್ತವನ್ನು ನೀಡಲಾಗುತ್ತದೆ. ಆರ್ಥಿಕ ಸೇರ್ಪಡೆ ಕಾರ್ಯಕ್ರಮದಡಿ ಎಲ್ಲ ಕುಟುಂಬಗಳು ಬ್ಯಾಂಕ್ ಖಾತೆ ಹೊಂದಿ ವಿಮಾ ಯೋಜನೆಗಳಿಗೆ ಸೇರಬೇಕು. ಸ್ವಸಹಾಯ ಸಂಘದ ಸದಸ್ಯರು ಸಹ ಈ ವಿಮೆಗಳನ್ನು ಮಾಡಿಸಿಕೊಳ್ಳಬೇಕು. ಕಾರ್ಯಕ್ರಮದಲ್ಲಿ ಗ್ರಾಮ ಪಂಚಾಯತಿ ಸದಸ್ಯರು, ಪಿಡಿಒ, ಕಾಯಕ ಬಂಧುಗಳು, ತಾಂತ್ರಿಕ ಸಹಾಯಕರು, ಬಿಎಫ್‌ಟಿ ಹಾಗೂ ನರೇಗಾ ಕೂಲಿಕಾರರು ಭಾಗವಹಿಸಿದ್ದರು.
